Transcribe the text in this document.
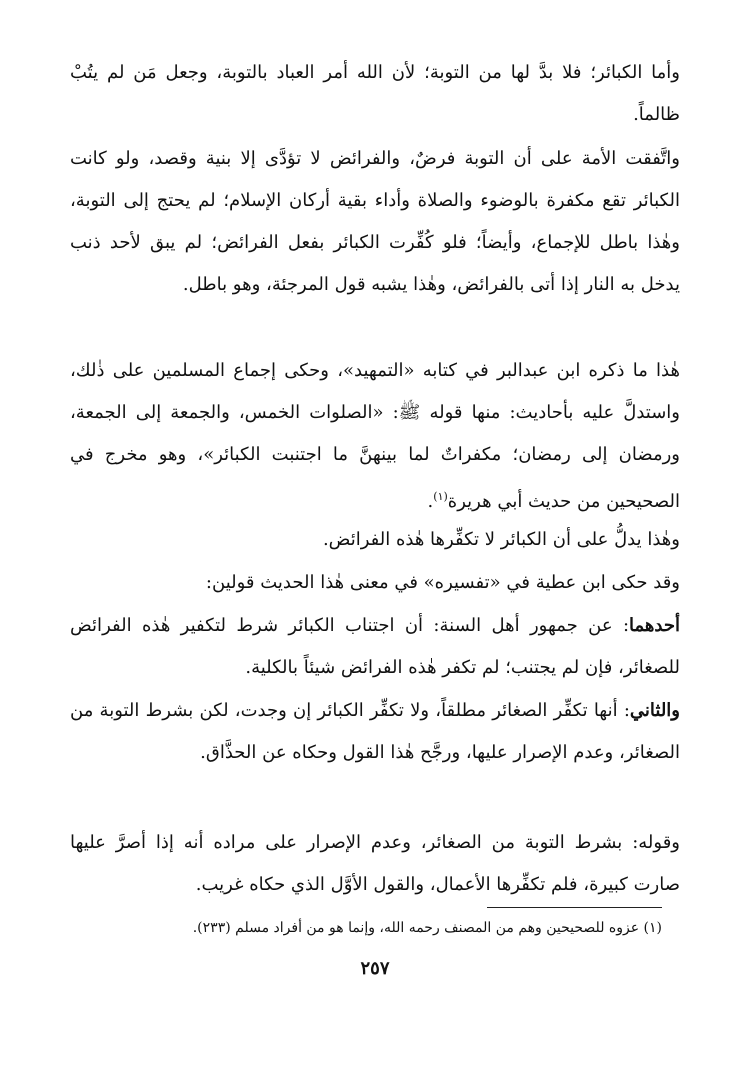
وأما الكبائر؛ فلا بدَّ لها من التوبة؛ لأن الله أمر العباد بالتوبة، وجعل مَن لم يتُبْ ظالماً.

واتَّفقت الأمة على أن التوبة فرضٌ، والفرائض لا تؤدَّى إلا بنية وقصد، ولو كانت الكبائر تقع مكفرة بالوضوء والصلاة وأداء بقية أركان الإسلام؛ لم يحتج إلى التوبة، وهٰذا باطل للإجماع، وأيضاً؛ فلو كُفِّرت الكبائر بفعل الفرائض؛ لم يبق لأحد ذنب يدخل به النار إذا أتى بالفرائض، وهٰذا يشبه قول المرجئة، وهو باطل.

هٰذا ما ذكره ابن عبدالبر في كتابه «التمهيد»، وحكى إجماع المسلمين على ذٰلك، واستدلَّ عليه بأحاديث: منها قوله ﷺ: «الصلوات الخمس، والجمعة إلى الجمعة، ورمضان إلى رمضان؛ مكفراتٌ لما بينهنَّ ما اجتنبت الكبائر»، وهو مخرج في الصحيحين من حديث أبي هريرة$^{(١)}$.

وهٰذا يدلُّ على أن الكبائر لا تكفِّرها هٰذه الفرائض.

وقد حكى ابن عطية في «تفسيره» في معنى هٰذا الحديث قولين:

أحدهما: عن جمهور أهل السنة: أن اجتناب الكبائر شرط لتكفير هٰذه الفرائض للصغائر، فإن لم يجتنب؛ لم تكفر هٰذه الفرائض شيئاً بالكلية.

والثاني: أنها تكفِّر الصغائر مطلقاً، ولا تكفِّر الكبائر إن وجدت، لكن بشرط التوبة من الصغائر، وعدم الإصرار عليها، ورجَّح هٰذا القول وحكاه عن الحذَّاق.

وقوله: بشرط التوبة من الصغائر، وعدم الإصرار على مراده أنه إذا أصرَّ عليها صارت كبيرة، فلم تكفِّرها الأعمال، والقول الأوَّل الذي حكاه غريب.

(١) عزوه للصحيحين وهم من المصنف رحمه الله، وإنما هو من أفراد مسلم (٢٣٣).

٢٥٧
